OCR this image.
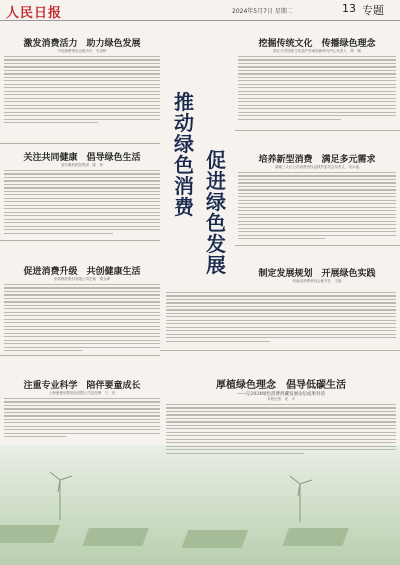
人民日报	2024年5月7日 星期二	13 专题
推动绿色消费
促进绿色发展
激发消费活力　助力绿色发展
中国消费者协会秘书长　朱剑桥
关注共同健康　倡导绿色生活
爱尔眼科医院集团　陈　邦
促进消费升级　共创健康生活
东阿阿胶股份有限公司总裁　秦玉峰
注重专业科学　陪伴要童成长
上海爸爸母婴用品有限公司总经理　门　亮
挖掘传统文化　传播绿色理念
浙江大学国家文化遗产传承创新研究中心负责人　胡　刚
培养新型消费　满足多元需求
湖南三人行公司消费者权益保护委员会负责人　吴永福
制定发展规划　开展绿色实践
河南省消费者协会秘书长　王晓
厚植绿色理念　倡导低碳生活
——记2024绿色消费西藏发展论坛成果对话
本报记者　吴　平
